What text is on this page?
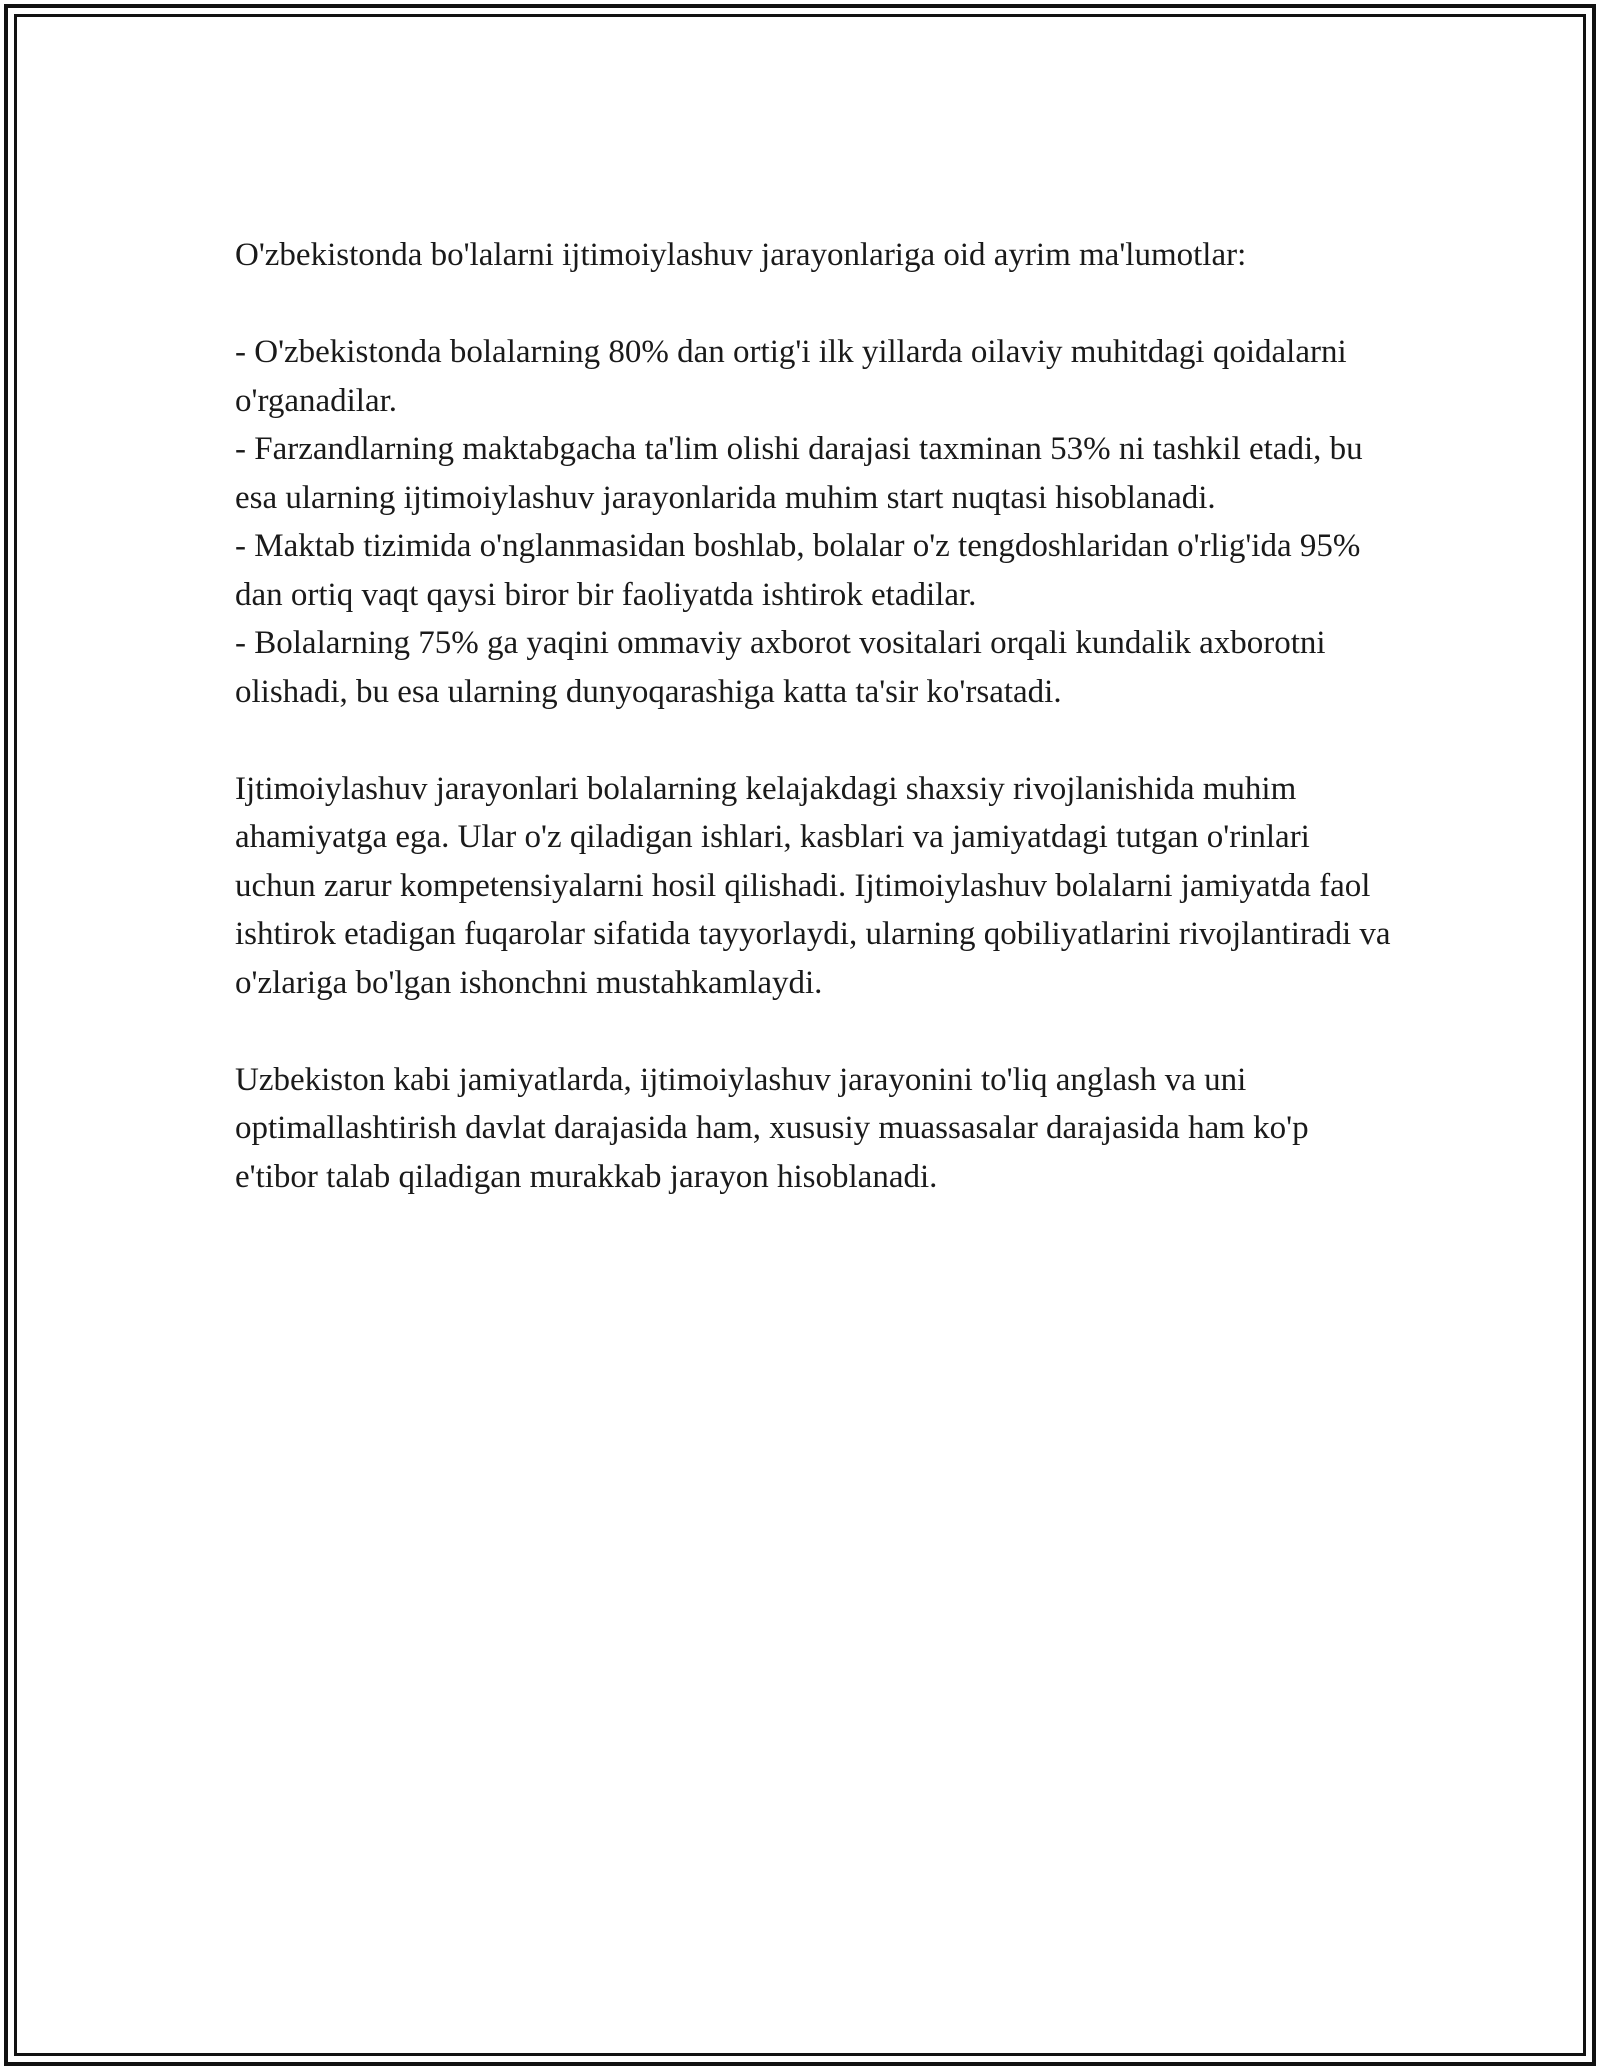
O'zbekistonda bo'lalarni ijtimoiylashuv jarayonlariga oid ayrim ma'lumotlar:

- O'zbekistonda bolalarning 80% dan ortig'i ilk yillarda oilaviy muhitdagi qoidalarni o'rganadilar.

- Farzandlarning maktabgacha ta'lim olishi darajasi taxminan 53% ni tashkil etadi, bu esa ularning ijtimoiylashuv jarayonlarida muhim start nuqtasi hisoblanadi.

- Maktab tizimida o'nglanmasidan boshlab, bolalar o'z tengdoshlaridan o'rlig'ida 95% dan ortiq vaqt qaysi biror bir faoliyatda ishtirok etadilar.

- Bolalarning 75% ga yaqini ommaviy axborot vositalari orqali kundalik axborotni olishadi, bu esa ularning dunyoqarashiga katta ta'sir ko'rsatadi.

Ijtimoiylashuv jarayonlari bolalarning kelajakdagi shaxsiy rivojlanishida muhim ahamiyatga ega. Ular o'z qiladigan ishlari, kasblari va jamiyatdagi tutgan o'rinlari uchun zarur kompetensiyalarni hosil qilishadi. Ijtimoiylashuv bolalarni jamiyatda faol ishtirok etadigan fuqarolar sifatida tayyorlaydi, ularning qobiliyatlarini rivojlantiradi va o'zlariga bo'lgan ishonchni mustahkamlaydi.

Uzbekiston kabi jamiyatlarda, ijtimoiylashuv jarayonini to'liq anglash va uni optimallashtirish davlat darajasida ham, xususiy muassasalar darajasida ham ko'p e'tibor talab qiladigan murakkab jarayon hisoblanadi.
